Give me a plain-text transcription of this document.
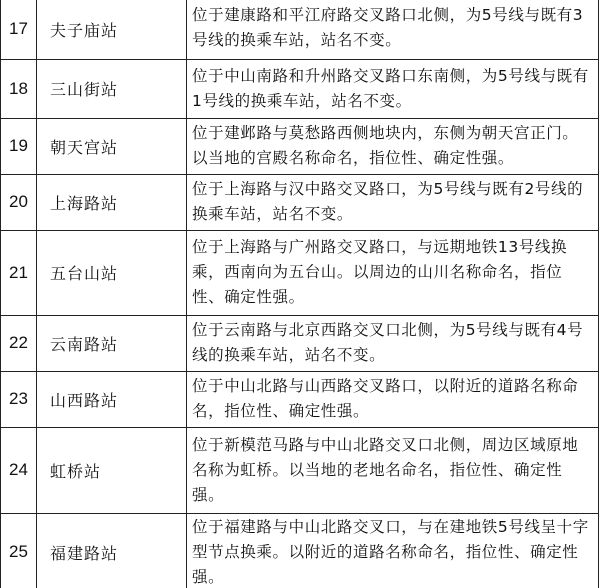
17	夫子庙站	位于建康路和平江府路交叉路口北侧，为5号线与既有3号线的换乘车站，站名不变。
18	三山街站	位于中山南路和升州路交叉路口东南侧，为5号线与既有1号线的换乘车站，站名不变。
19	朝天宫站	位于建邺路与莫愁路西侧地块内，东侧为朝天宫正门。以当地的宫殿名称命名，指位性、确定性强。
20	上海路站	位于上海路与汉中路交叉路口，为5号线与既有2号线的换乘车站，站名不变。
21	五台山站	位于上海路与广州路交叉路口，与远期地铁13号线换乘，西南向为五台山。以周边的山川名称命名，指位性、确定性强。
22	云南路站	位于云南路与北京西路交叉口北侧，为5号线与既有4号线的换乘车站，站名不变。
23	山西路站	位于中山北路与山西路交叉路口，以附近的道路名称命名，指位性、确定性强。
24	虹桥站	位于新模范马路与中山北路交叉口北侧，周边区域原地名称为虹桥。以当地的老地名命名，指位性、确定性强。
25	福建路站	位于福建路与中山北路交叉口，与在建地铁5号线呈十字型节点换乘。以附近的道路名称命名，指位性、确定性强。
